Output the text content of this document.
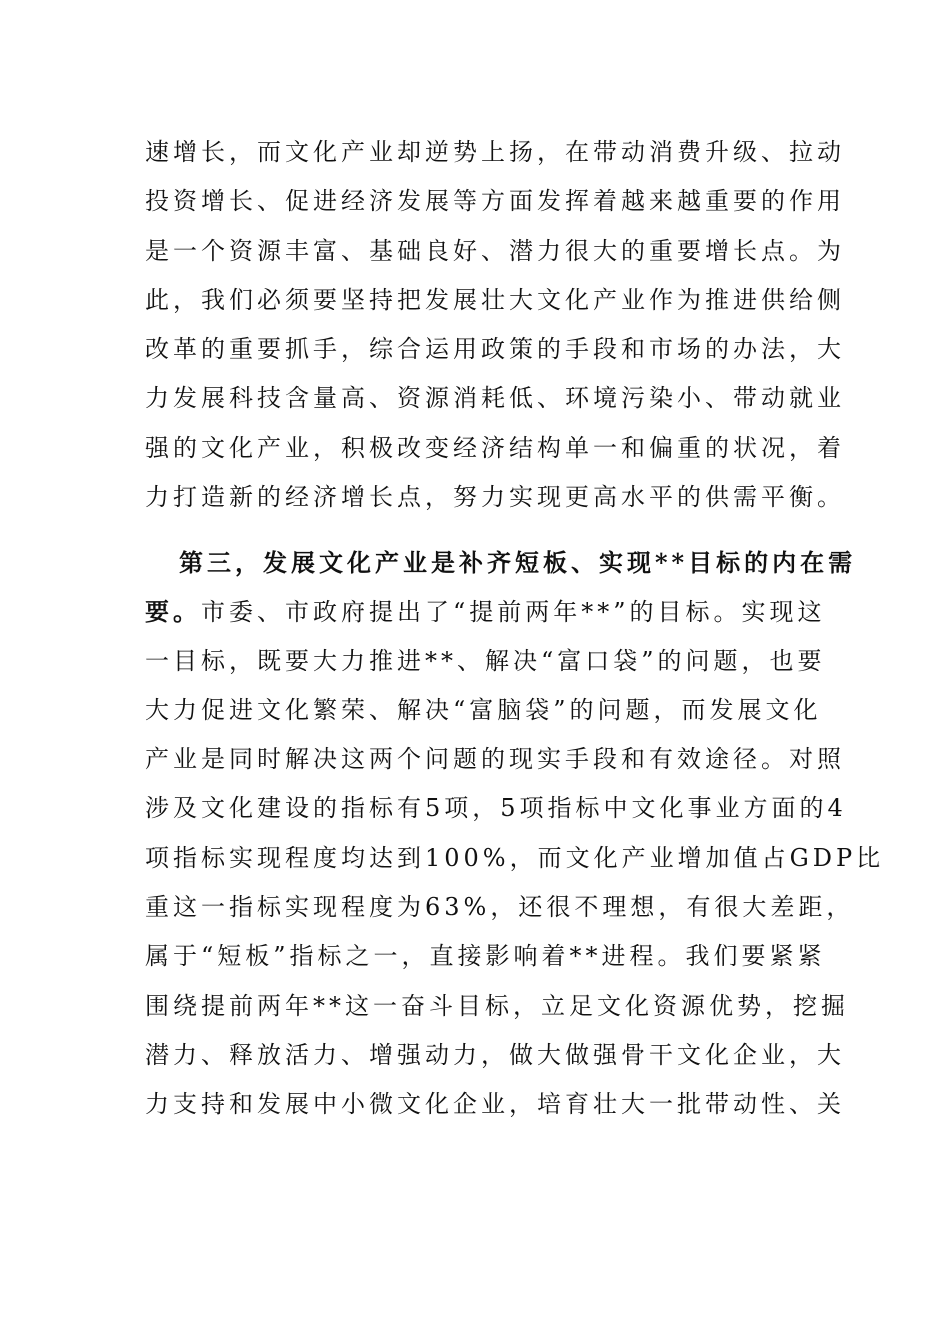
速增长，而文化产业却逆势上扬，在带动消费升级、拉动
投资增长、促进经济发展等方面发挥着越来越重要的作用
是一个资源丰富、基础良好、潜力很大的重要增长点。为
此，我们必须要坚持把发展壮大文化产业作为推进供给侧
改革的重要抓手，综合运用政策的手段和市场的办法，大
力发展科技含量高、资源消耗低、环境污染小、带动就业
强的文化产业，积极改变经济结构单一和偏重的状况，着
力打造新的经济增长点，努力实现更高水平的供需平衡。
第三，发展文化产业是补齐短板、实现**目标的内在需
要。市委、市政府提出了“提前两年**”的目标。实现这
一目标，既要大力推进**、解决“富口袋”的问题，也要
大力促进文化繁荣、解决“富脑袋”的问题，而发展文化
产业是同时解决这两个问题的现实手段和有效途径。对照
涉及文化建设的指标有5项，5项指标中文化事业方面的4
项指标实现程度均达到100%，而文化产业增加值占GDP比
重这一指标实现程度为63%，还很不理想，有很大差距，
属于“短板”指标之一，直接影响着**进程。我们要紧紧
围绕提前两年**这一奋斗目标，立足文化资源优势，挖掘
潜力、释放活力、增强动力，做大做强骨干文化企业，大
力支持和发展中小微文化企业，培育壮大一批带动性、关
